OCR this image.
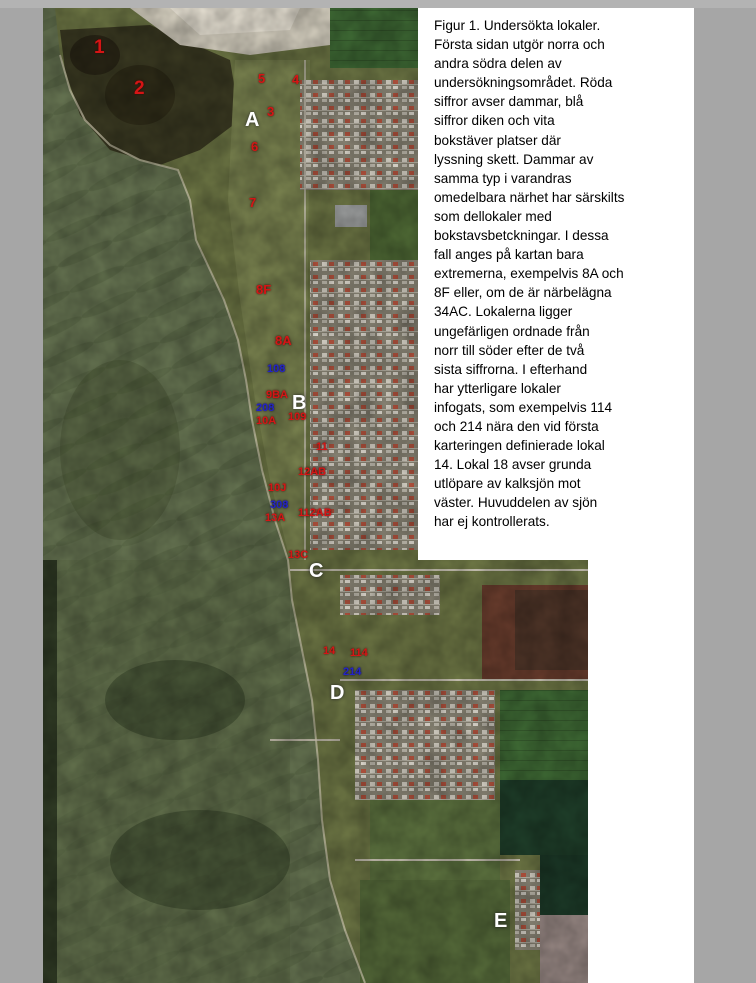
Figur 1. Undersökta lokaler.
Första sidan utgör norra och
andra södra delen av
undersökningsområdet. Röda
siffror avser dammar, blå
siffror diken och vita
bokstäver platser där
lyssning skett. Dammar av
samma typ i varandras
omedelbara närhet har särskilts
som dellokaler med
bokstavsbetckningar. I dessa
fall anges på kartan bara
extremerna, exempelvis 8A och
8F eller, om de är närbelägna
34AC. Lokalerna ligger
ungefärligen ordnade från
norr till söder efter de två
sista siffrorna. I efterhand
har ytterligare lokaler
infogats, som exempelvis 114
och 214 nära den vid första
karteringen definierade lokal
14. Lokal 18 avser grunda
utlöpare av kalksjön mot
väster. Huvuddelen av sjön
har ej kontrollerats.
1
2	5 4
3
6
7
8F
8A
9BA
10A 109
11
12AB
10J
13A 112AB
13C
14 114
108
208
308
214
A
B
C
D
E
